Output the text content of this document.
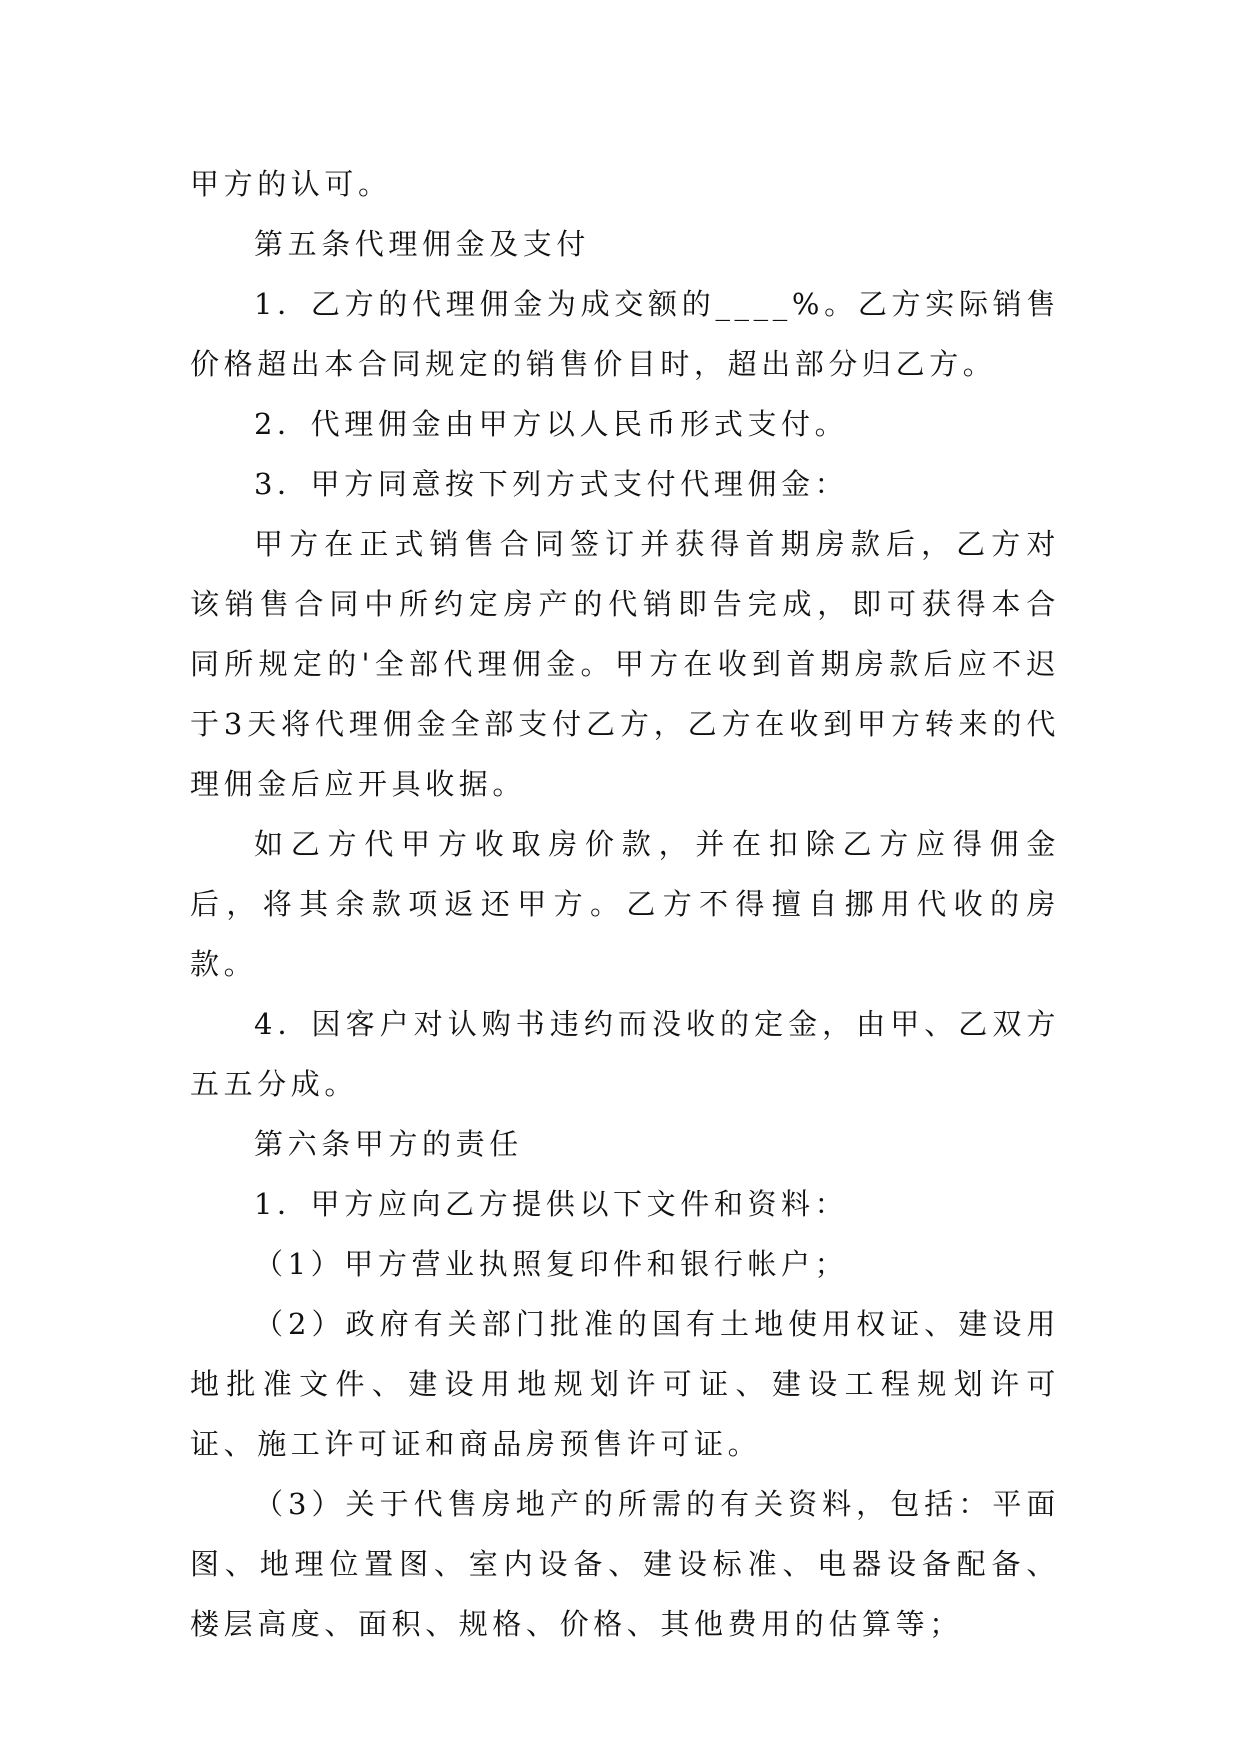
甲方的认可。

第五条代理佣金及支付

1．乙方的代理佣金为成交额的____%。乙方实际销售价格超出本合同规定的销售价目时，超出部分归乙方。

2．代理佣金由甲方以人民币形式支付。

3．甲方同意按下列方式支付代理佣金：

甲方在正式销售合同签订并获得首期房款后，乙方对该销售合同中所约定房产的代销即告完成，即可获得本合同所规定的'全部代理佣金。甲方在收到首期房款后应不迟于3天将代理佣金全部支付乙方，乙方在收到甲方转来的代理佣金后应开具收据。

如乙方代甲方收取房价款，并在扣除乙方应得佣金后，将其余款项返还甲方。乙方不得擅自挪用代收的房款。

4．因客户对认购书违约而没收的定金，由甲、乙双方五五分成。

第六条甲方的责任

1．甲方应向乙方提供以下文件和资料：

（1）甲方营业执照复印件和银行帐户；

（2）政府有关部门批准的国有土地使用权证、建设用地批准文件、建设用地规划许可证、建设工程规划许可证、施工许可证和商品房预售许可证。

（3）关于代售房地产的所需的有关资料，包括：平面图、地理位置图、室内设备、建设标准、电器设备配备、楼层高度、面积、规格、价格、其他费用的估算等；
